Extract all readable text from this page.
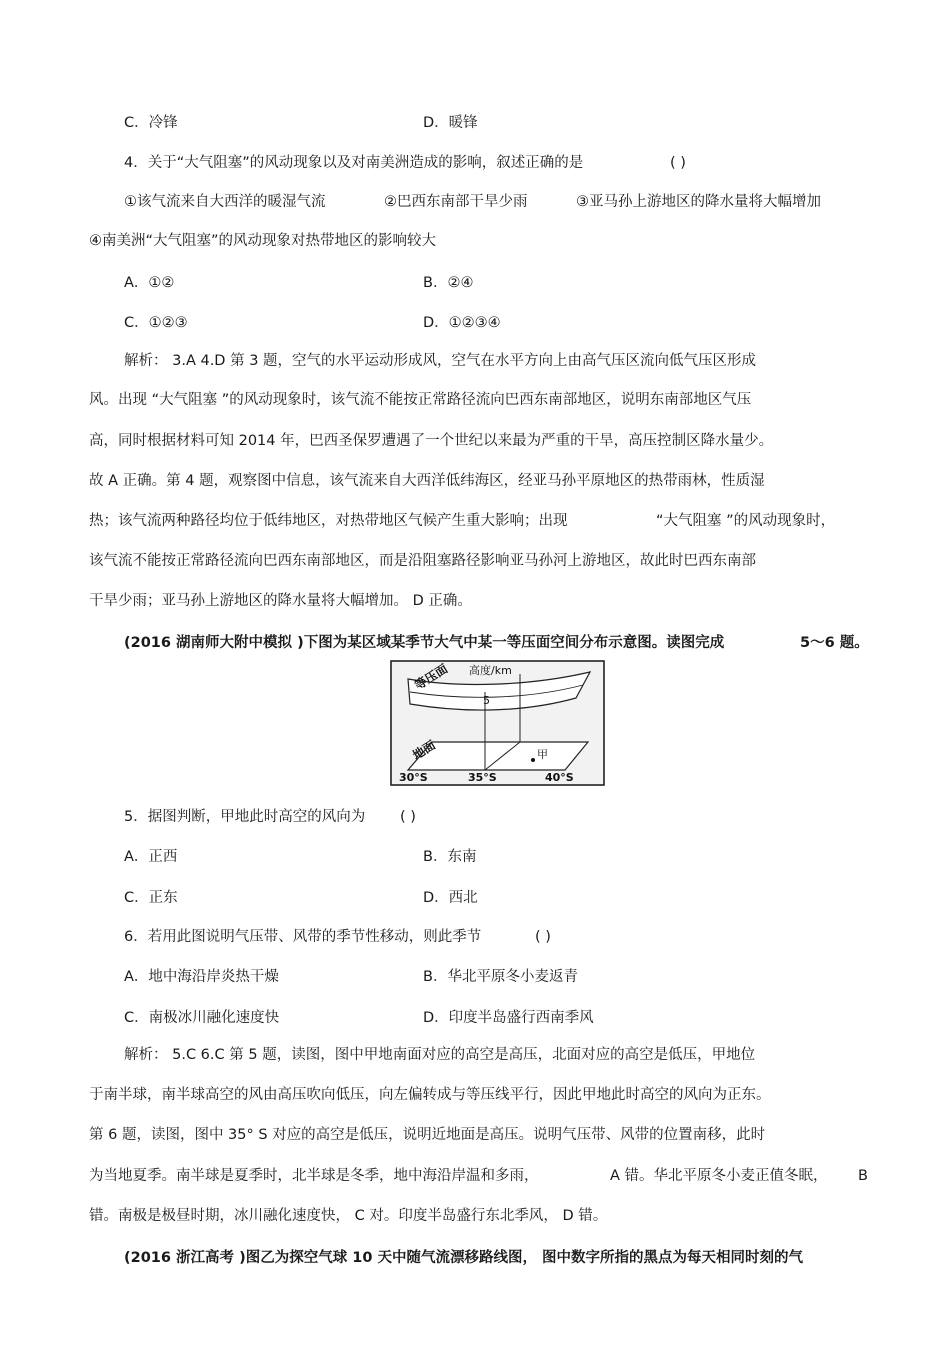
C．冷锋	D．暖锋
4．关于“大气阻塞”的风动现象以及对南美洲造成的影响，叙述正确的是	( )
①该气流来自大西洋的暖湿气流	②巴西东南部干旱少雨	③亚马孙上游地区的降水量将大幅增加
④南美洲“大气阻塞”的风动现象对热带地区的影响较大
A．①②	B．②④
C．①②③	D．①②③④
解析： 3.A 4.D 第 3 题，空气的水平运动形成风，空气在水平方向上由高气压区流向低气压区形成
风。出现 “大气阻塞 ”的风动现象时，该气流不能按正常路径流向巴西东南部地区，说明东南部地区气压
高，同时根据材料可知 2014 年，巴西圣保罗遭遇了一个世纪以来最为严重的干旱，高压控制区降水量少。
故 A 正确。第 4 题，观察图中信息，该气流来自大西洋低纬海区，经亚马孙平原地区的热带雨林，性质湿
热；该气流两种路径均位于低纬地区，对热带地区气候产生重大影响；出现	“大气阻塞 ”的风动现象时，
该气流不能按正常路径流向巴西东南部地区，而是沿阻塞路径影响亚马孙河上游地区，故此时巴西东南部
干旱少雨；亚马孙上游地区的降水量将大幅增加。 D 正确。
(2016 湖南师大附中模拟 )下图为某区域某季节大气中某一等压面空间分布示意图。读图完成	5～6 题。
等压面 高度/km
5
地面	甲
30°S	35°S	40°S
5．据图判断，甲地此时高空的风向为 ( )
A．正西	B．东南
C．正东	D．西北
6．若用此图说明气压带、风带的季节性移动，则此季节	( )
A．地中海沿岸炎热干燥	B．华北平原冬小麦返青
C．南极冰川融化速度快	D．印度半岛盛行西南季风
解析： 5.C 6.C 第 5 题，读图，图中甲地南面对应的高空是高压，北面对应的高空是低压，甲地位
于南半球，南半球高空的风由高压吹向低压，向左偏转成与等压线平行，因此甲地此时高空的风向为正东。
第 6 题，读图，图中 35° S 对应的高空是低压，说明近地面是高压。说明气压带、风带的位置南移，此时
为当地夏季。南半球是夏季时，北半球是冬季，地中海沿岸温和多雨，	A 错。华北平原冬小麦正值冬眠， B
错。南极是极昼时期，冰川融化速度快， C 对。印度半岛盛行东北季风， D 错。
(2016 浙江高考 )图乙为探空气球 10 天中随气流漂移路线图， 图中数字所指的黑点为每天相同时刻的气
